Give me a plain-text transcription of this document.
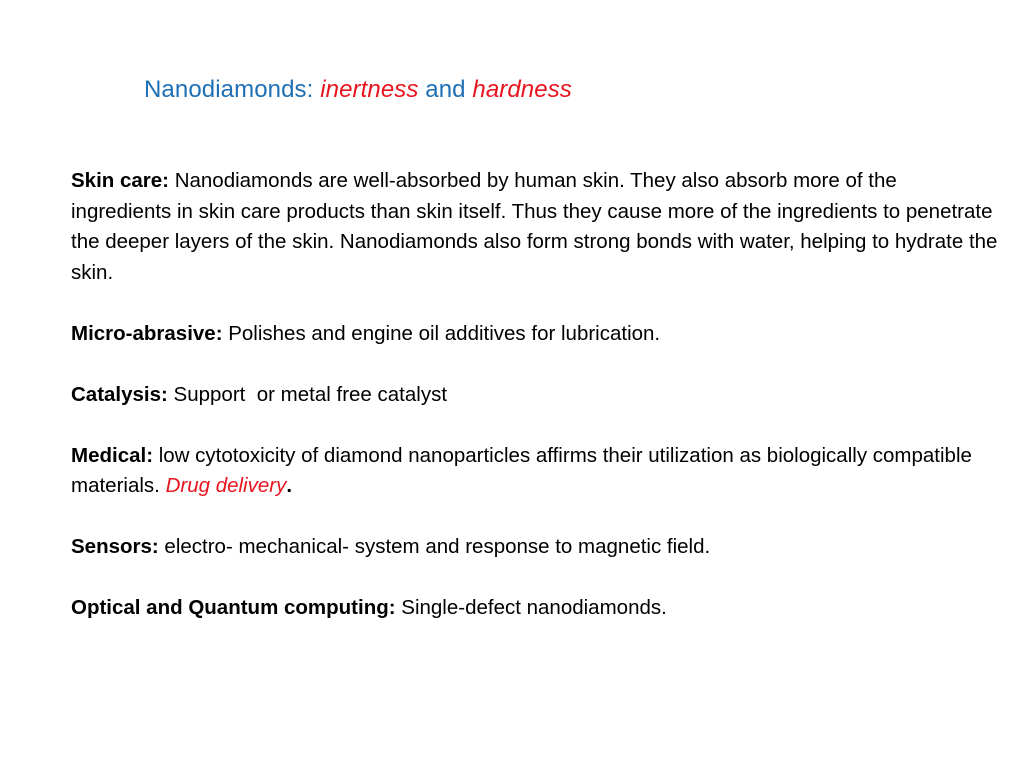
Nanodiamonds: inertness and hardness

Skin care: Nanodiamonds are well-absorbed by human skin. They also absorb more of the ingredients in skin care products than skin itself. Thus they cause more of the ingredients to penetrate the deeper layers of the skin. Nanodiamonds also form strong bonds with water, helping to hydrate the skin.

Micro-abrasive: Polishes and engine oil additives for lubrication.

Catalysis: Support  or metal free catalyst

Medical: low cytotoxicity of diamond nanoparticles affirms their utilization as biologically compatible materials. Drug delivery.

Sensors: electro- mechanical- system and response to magnetic field.

Optical and Quantum computing: Single-defect nanodiamonds.
